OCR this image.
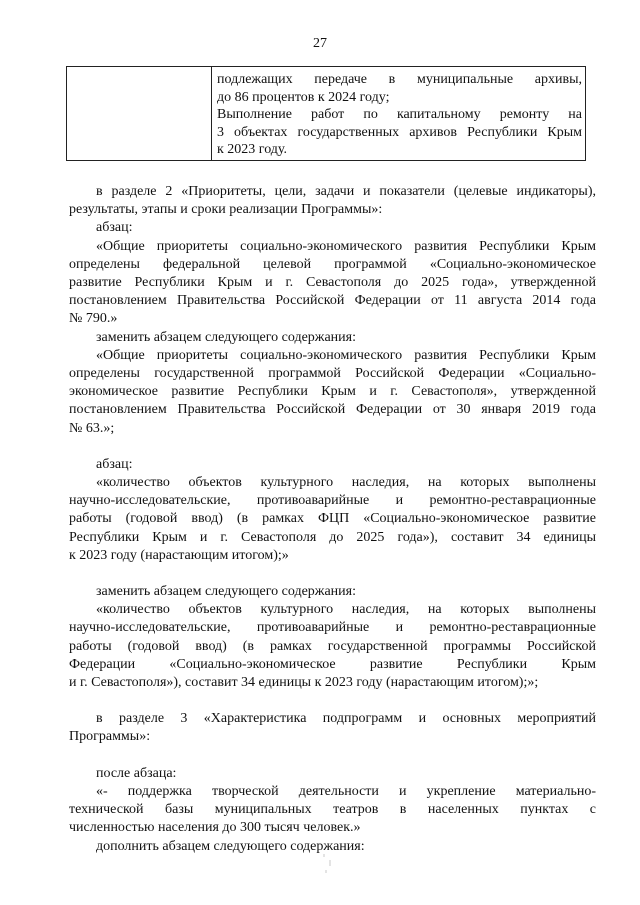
27

подлежащих передаче в муниципальные архивы,
до 86 процентов к 2024 году;
Выполнение работ по капитальному ремонту на
3 объектах государственных архивов Республики Крым
к 2023 году.

в разделе 2 «Приоритеты, цели, задачи и показатели (целевые индикаторы),
результаты, этапы и сроки реализации Программы»:

абзац:

«Общие приоритеты социально-экономического развития Республики Крым
определены федеральной целевой программой «Социально-экономическое
развитие Республики Крым и г. Севастополя до 2025 года», утвержденной
постановлением Правительства Российской Федерации от 11 августа 2014 года
№ 790.»

заменить абзацем следующего содержания:

«Общие приоритеты социально-экономического развития Республики Крым
определены государственной программой Российской Федерации «Социально-
экономическое развитие Республики Крым и г. Севастополя», утвержденной
постановлением Правительства Российской Федерации от 30 января 2019 года
№ 63.»;

абзац:

«количество объектов культурного наследия, на которых выполнены
научно-исследовательские, противоаварийные и ремонтно-реставрационные
работы (годовой ввод) (в рамках ФЦП «Социально-экономическое развитие
Республики Крым и г. Севастополя до 2025 года»), составит 34 единицы
к 2023 году (нарастающим итогом);»

заменить абзацем следующего содержания:

«количество объектов культурного наследия, на которых выполнены
научно-исследовательские, противоаварийные и ремонтно-реставрационные
работы (годовой ввод) (в рамках государственной программы Российской
Федерации «Социально-экономическое развитие Республики Крым
и г. Севастополя»), составит 34 единицы к 2023 году (нарастающим итогом);»;

в разделе 3 «Характеристика подпрограмм и основных мероприятий
Программы»:

после абзаца:

«- поддержка творческой деятельности и укрепление материально-
технической базы муниципальных театров в населенных пунктах с
численностью населения до 300 тысяч человек.»

дополнить абзацем следующего содержания:
